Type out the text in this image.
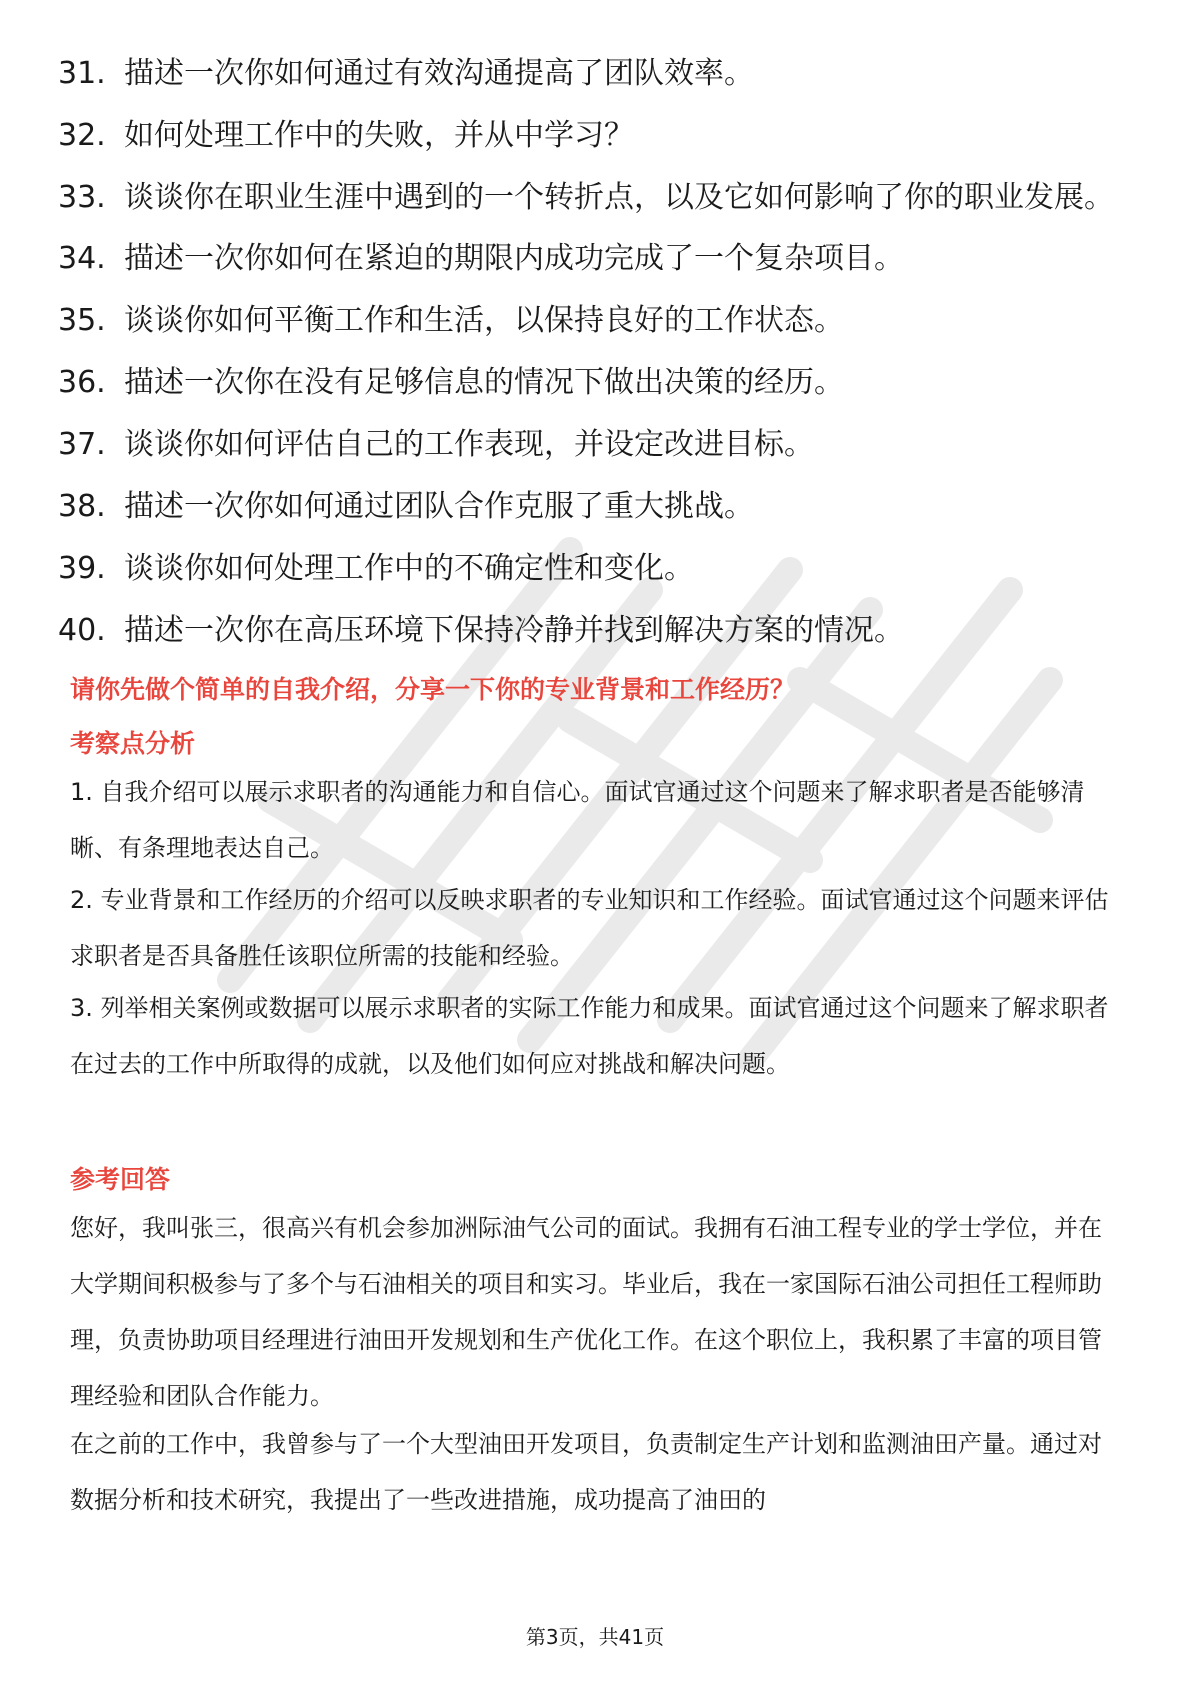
31. 描述一次你如何通过有效沟通提高了团队效率。
32. 如何处理工作中的失败，并从中学习？
33. 谈谈你在职业生涯中遇到的一个转折点，以及它如何影响了你的职业发展。
34. 描述一次你如何在紧迫的期限内成功完成了一个复杂项目。
35. 谈谈你如何平衡工作和生活，以保持良好的工作状态。
36. 描述一次你在没有足够信息的情况下做出决策的经历。
37. 谈谈你如何评估自己的工作表现，并设定改进目标。
38. 描述一次你如何通过团队合作克服了重大挑战。
39. 谈谈你如何处理工作中的不确定性和变化。
40. 描述一次你在高压环境下保持冷静并找到解决方案的情况。
请你先做个简单的自我介绍，分享一下你的专业背景和工作经历？
考察点分析

1. 自我介绍可以展示求职者的沟通能力和自信心。面试官通过这个问题来了解求职者是否能够清晰、有条理地表达自己。

2. 专业背景和工作经历的介绍可以反映求职者的专业知识和工作经验。面试官通过这个问题来评估求职者是否具备胜任该职位所需的技能和经验。

3. 列举相关案例或数据可以展示求职者的实际工作能力和成果。面试官通过这个问题来了解求职者在过去的工作中所取得的成就，以及他们如何应对挑战和解决问题。

参考回答

您好，我叫张三，很高兴有机会参加洲际油气公司的面试。我拥有石油工程专业的学士学位，并在大学期间积极参与了多个与石油相关的项目和实习。毕业后，我在一家国际石油公司担任工程师助理，负责协助项目经理进行油田开发规划和生产优化工作。在这个职位上，我积累了丰富的项目管理经验和团队合作能力。

在之前的工作中，我曾参与了一个大型油田开发项目，负责制定生产计划和监测油田产量。通过对数据分析和技术研究，我提出了一些改进措施，成功提高了油田的

第3页，共41页
